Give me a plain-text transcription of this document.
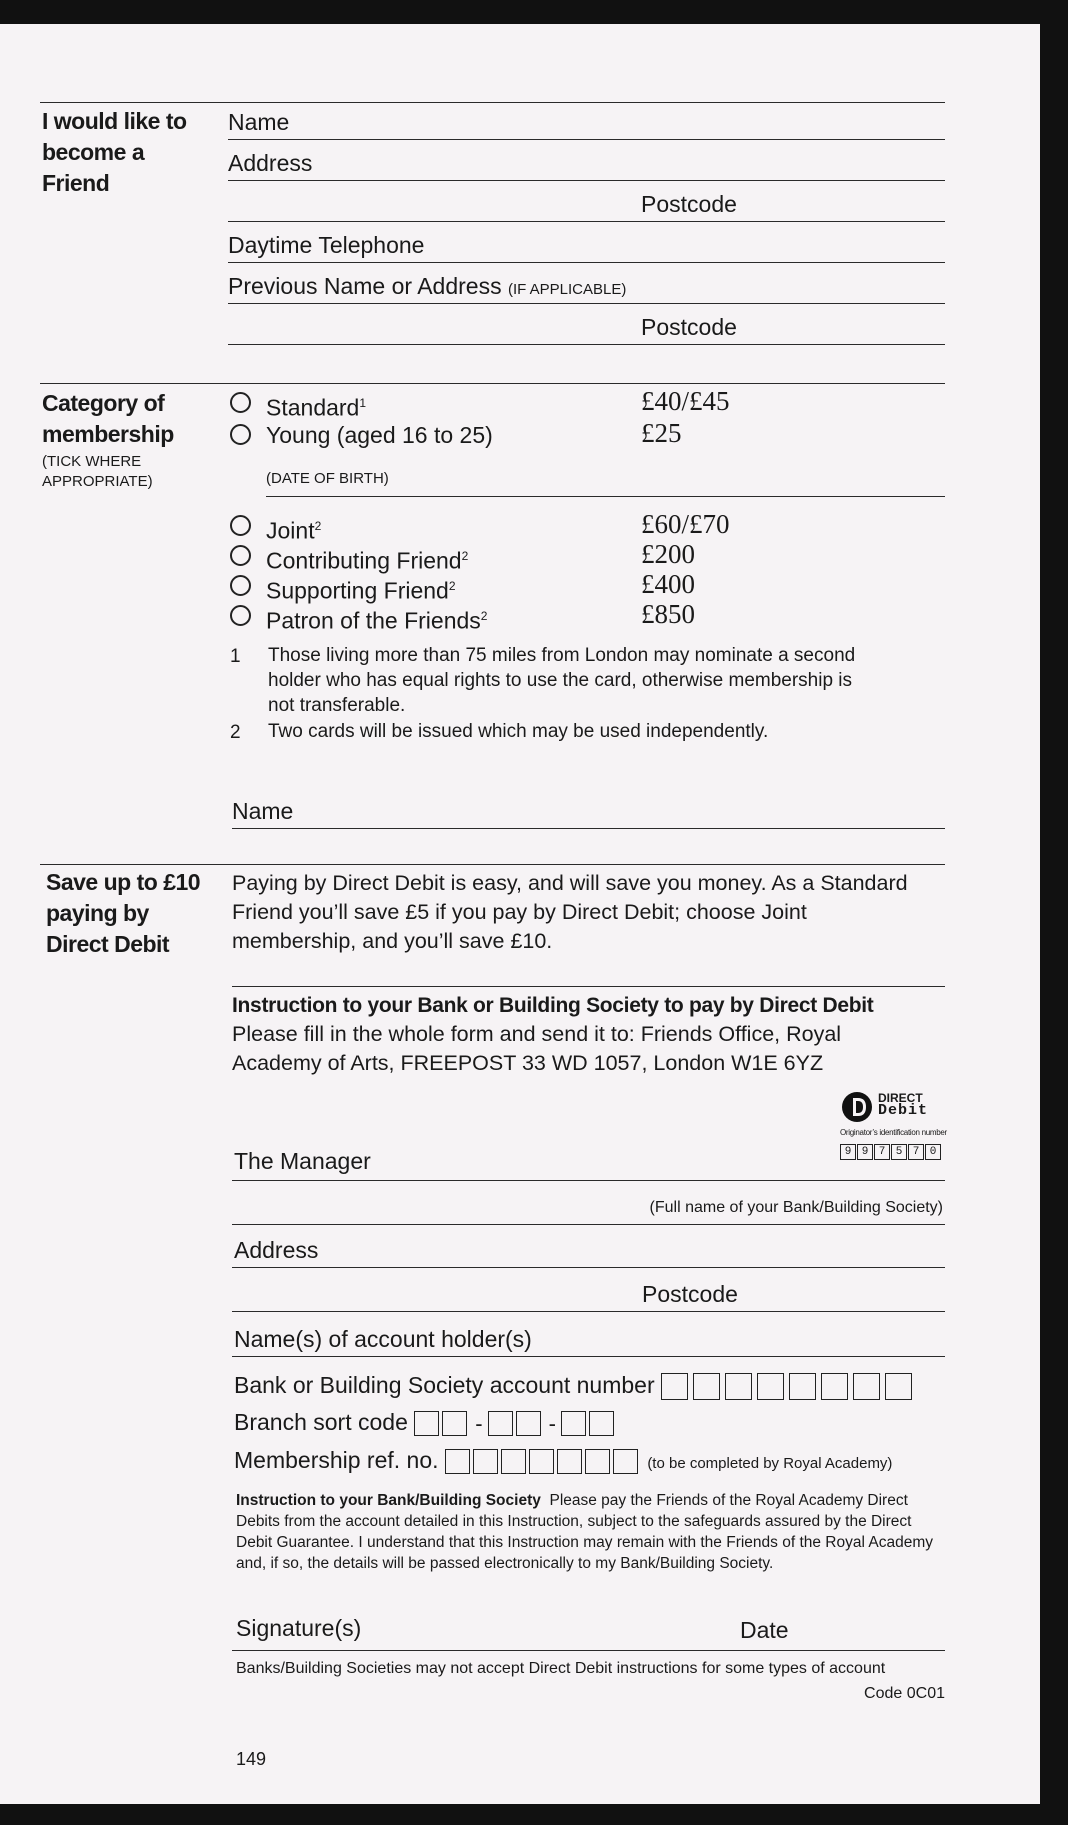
I would like to become a Friend
Name
Address
Postcode
Daytime Telephone
Previous Name or Address (IF APPLICABLE)
Postcode
Category of membership
(TICK WHERE APPROPRIATE)
Standard$^1$	£40/£45
Young (aged 16 to 25)	£25
(DATE OF BIRTH)
Joint$^2$	£60/£70
Contributing Friend$^2$	£200
Supporting Friend$^2$	£400
Patron of the Friends$^2$	£850
1 Those living more than 75 miles from London may nominate a second holder who has equal rights to use the card, otherwise membership is not transferable.
2 Two cards will be issued which may be used independently.
Name
Save up to £10 paying by Direct Debit
Paying by Direct Debit is easy, and will save you money. As a Standard Friend you’ll save £5 if you pay by Direct Debit; choose Joint membership, and you’ll save £10.
Instruction to your Bank or Building Society to pay by Direct Debit
Please fill in the whole form and send it to: Friends Office, Royal Academy of Arts, FREEPOST 33 WD 1057, London W1E 6YZ
DIRECT
Debit
Originator’s identification number
9 9 7 5 7 0
The Manager
(Full name of your Bank/Building Society)
Address
Postcode
Name(s) of account holder(s)
Bank or Building Society account number
Branch sort code	-	-
Membership ref. no.	(to be completed by Royal Academy)
Instruction to your Bank/Building Society Please pay the Friends of the Royal Academy Direct Debits from the account detailed in this Instruction, subject to the safeguards assured by the Direct Debit Guarantee. I understand that this Instruction may remain with the Friends of the Royal Academy and, if so, the details will be passed electronically to my Bank/Building Society.
Signature(s)	Date
Banks/Building Societies may not accept Direct Debit instructions for some types of account
Code 0C01
149
